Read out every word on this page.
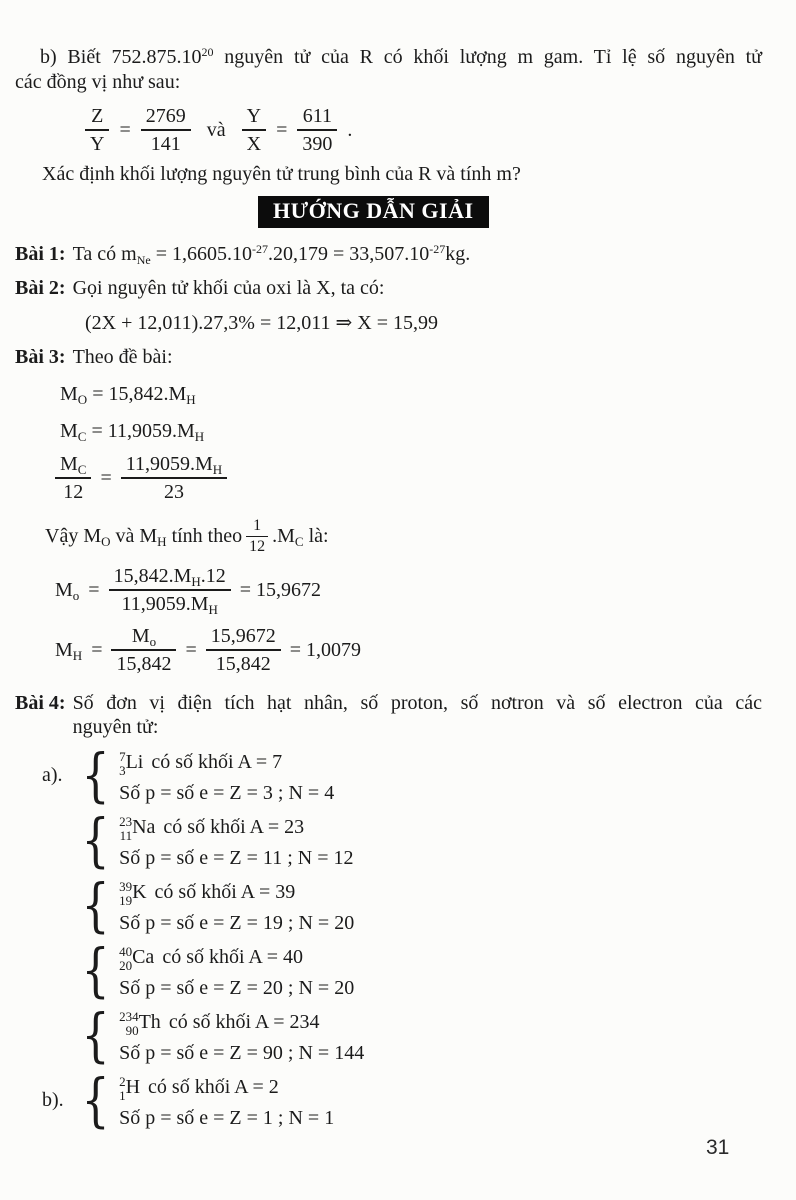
b) Biết 752.875.10$^{20}$ nguyên tử của R có khối lượng m gam. Tỉ lệ số nguyên tử
các đồng vị như sau:
$\frac{Z}{Y} = \frac{2769}{141}$ và $\frac{Y}{X} = \frac{611}{390}$ .
Xác định khối lượng nguyên tử trung bình của R và tính m?
HƯỚNG DẪN GIẢI
Bài 1: Ta có $m_{Ne} = 1,6605.10^{-27}.20,179 = 33,507.10^{-27}kg$.
Bài 2: Gọi nguyên tử khối của oxi là X, ta có:
(2X + 12,011).27,3% = 12,011 ⇒ X = 15,99
Bài 3: Theo đề bài:
$M_O = 15,842.M_H$
$M_C = 11,9059.M_H$
$\frac{M_C}{12} = \frac{11,9059.M_H}{23}$
Vậy $M_O$ và $M_H$ tính theo $\frac{1}{12} .M_C$ là:
$M_o = \frac{15,842.M_H.12}{11,9059.M_H} = 15,9672$
$M_H = \frac{M_o}{15,842} = \frac{15,9672}{15,842} = 1,0079$
Bài 4: Số đơn vị điện tích hạt nhân, số proton, số nơtron và số electron của các
nguyên tử:
a). { 7
3 Li có số khối A = 7
Số p = số e = Z = 3 ; N = 4
{ 23
11 Na có số khối A = 23
Số p = số e = Z = 11 ; N = 12
{ 39
19 K có số khối A = 39
Số p = số e = Z = 19 ; N = 20
{ 40
20 Ca có số khối A = 40
Số p = số e = Z = 20 ; N = 20
{ 234
90 Th có số khối A = 234
Số p = số e = Z = 90 ; N = 144
b). { 2
1 H có số khối A = 2
Số p = số e = Z = 1 ; N = 1
31
